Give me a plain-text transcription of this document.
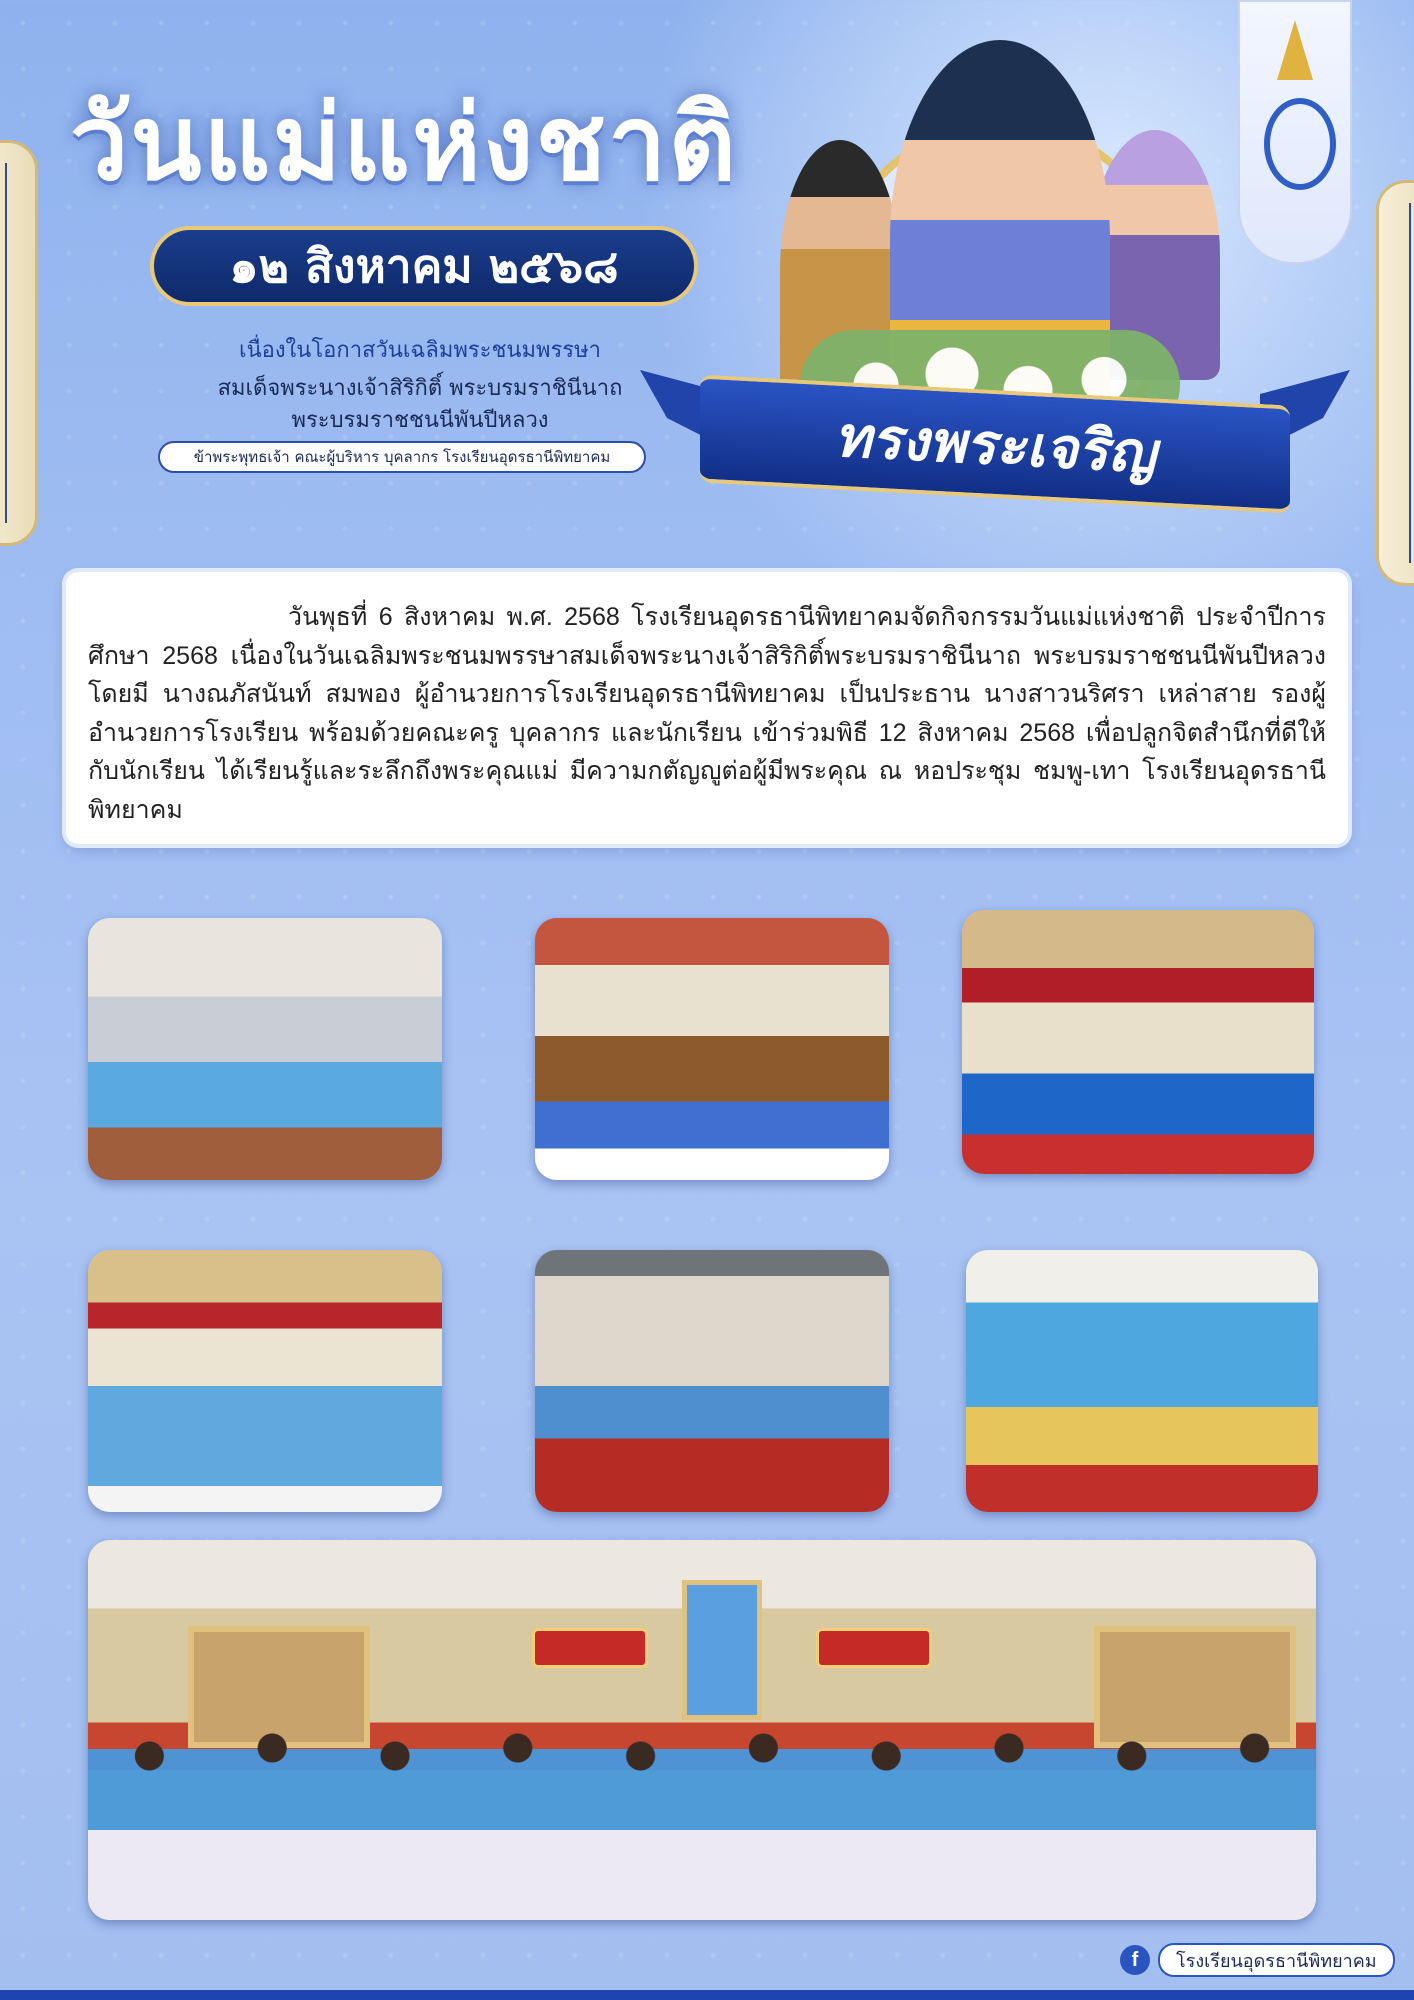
วันแม่แห่งชาติ
๑๒ สิงหาคม ๒๕๖๘
เนื่องในโอกาสวันเฉลิมพระชนมพรรษา
สมเด็จพระนางเจ้าสิริกิติ์ พระบรมราชินีนาถ
พระบรมราชชนนีพันปีหลวง
ข้าพระพุทธเจ้า คณะผู้บริหาร บุคลากร โรงเรียนอุดรธานีพิทยาคม	ทรงพระเจริญ

วันพุธที่ 6 สิงหาคม พ.ศ. 2568 โรงเรียนอุดรธานีพิทยาคมจัดกิจกรรมวันแม่แห่งชาติ ประจำปีการศึกษา 2568 เนื่องในวันเฉลิมพระชนมพรรษาสมเด็จพระนางเจ้าสิริกิติ์พระบรมราชินีนาถ พระบรมราชชนนีพันปีหลวง โดยมี นางณภัสนันท์ สมพอง ผู้อำนวยการโรงเรียนอุดรธานีพิทยาคม เป็นประธาน นางสาวนริศรา เหล่าสาย รองผู้อำนวยการโรงเรียน พร้อมด้วยคณะครู บุคลากร และนักเรียน เข้าร่วมพิธี 12 สิงหาคม 2568 เพื่อปลูกจิตสำนึกที่ดีให้กับนักเรียน ได้เรียนรู้และระลึกถึงพระคุณแม่ มีความกตัญญูต่อผู้มีพระคุณ ณ หอประชุม ชมพู-เทา โรงเรียนอุดรธานีพิทยาคม

f	โรงเรียนอุดรธานีพิทยาคม
